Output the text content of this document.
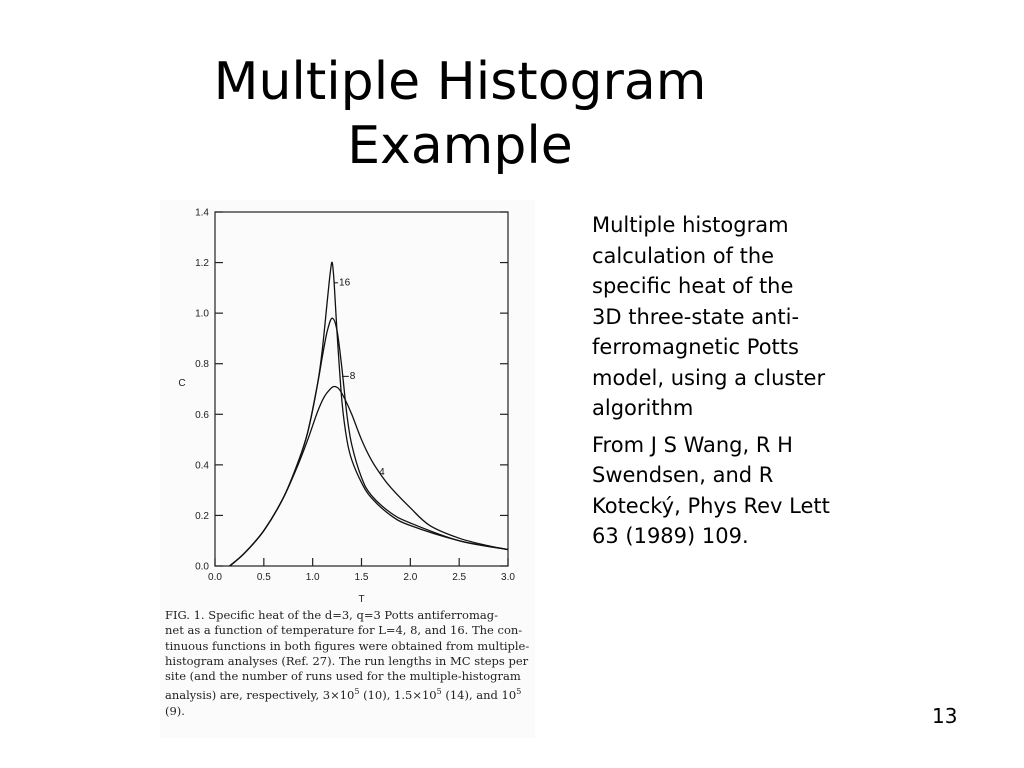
Multiple Histogram
Example
0.0
0.2
0.4
0.6
0.8
1.0
1.2
1.4
0.0	0.5	1.0	1.5	2.0	2.5	3.0
T
C
16
8
4
FIG. 1. Specific heat of the d=3, q=3 Potts antiferromag-
net as a function of temperature for L=4, 8, and 16. The con-
tinuous functions in both figures were obtained from multiple-
histogram analyses (Ref. 27). The run lengths in MC steps per
site (and the number of runs used for the multiple-histogram
analysis) are, respectively, $3\times 10^5$ (10), $1.5\times 10^5$ (14), and $10^5$
(9).

Multiple histogram
calculation of the
specific heat of the
3D three-state anti-
ferromagnetic Potts
model, using a cluster
algorithm

From J S Wang, R H
Swendsen, and R
Kotecký, Phys Rev Lett
63 (1989) 109.

13
